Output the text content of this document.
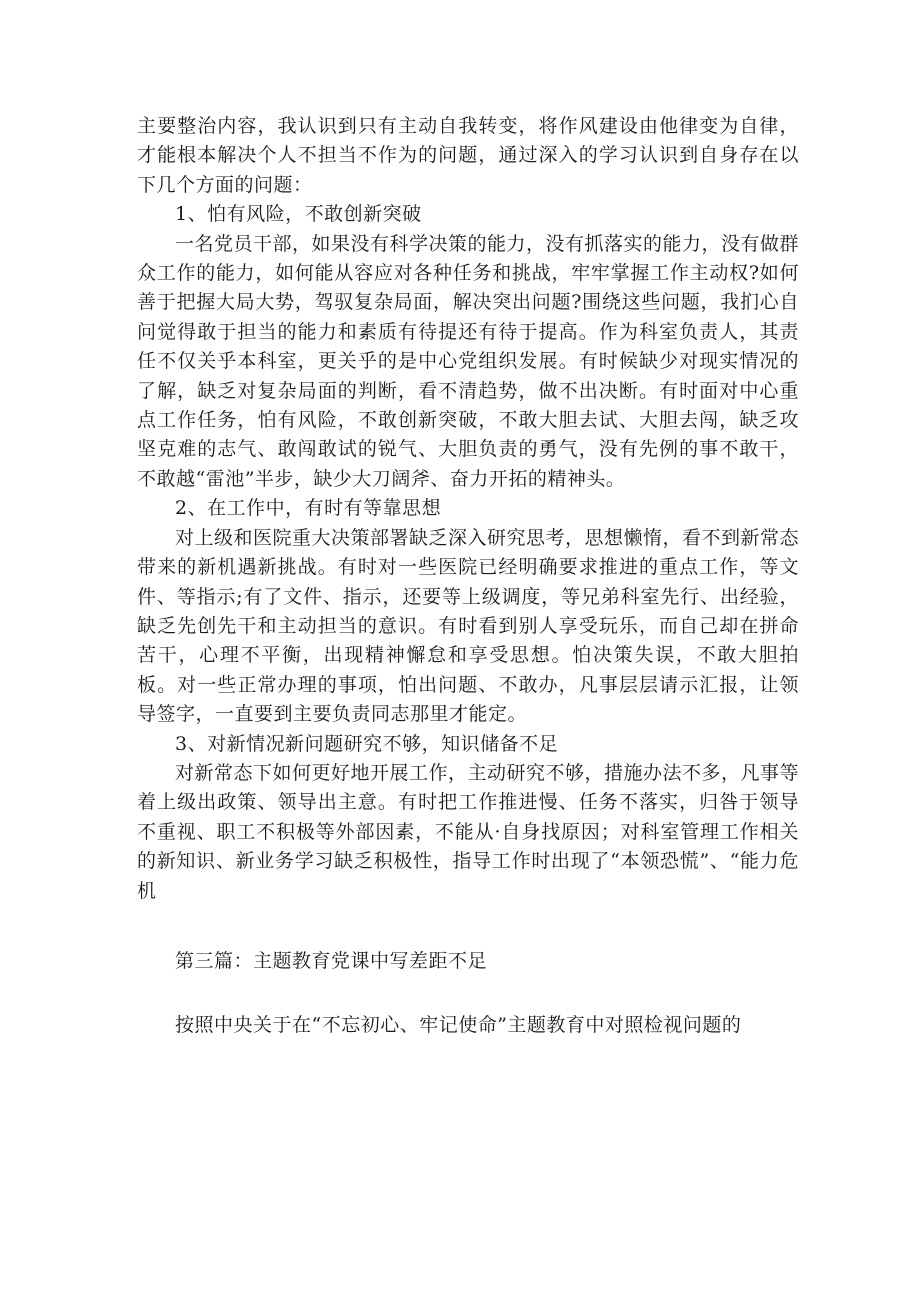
主要整治内容，我认识到只有主动自我转变，将作风建设由他律变为自律，才能根本解决个人不担当不作为的问题，通过深入的学习认识到自身存在以下几个方面的问题：

1、怕有风险，不敢创新突破

一名党员干部，如果没有科学决策的能力，没有抓落实的能力，没有做群众工作的能力，如何能从容应对各种任务和挑战，牢牢掌握工作主动权?如何善于把握大局大势，驾驭复杂局面，解决突出问题?围绕这些问题，我扪心自问觉得敢于担当的能力和素质有待提还有待于提高。作为科室负责人，其责任不仅关乎本科室，更关乎的是中心党组织发展。有时候缺少对现实情况的了解，缺乏对复杂局面的判断，看不清趋势，做不出决断。有时面对中心重点工作任务，怕有风险，不敢创新突破，不敢大胆去试、大胆去闯，缺乏攻坚克难的志气、敢闯敢试的锐气、大胆负责的勇气，没有先例的事不敢干，不敢越“雷池”半步，缺少大刀阔斧、奋力开拓的精神头。

2、在工作中，有时有等靠思想

对上级和医院重大决策部署缺乏深入研究思考，思想懒惰，看不到新常态带来的新机遇新挑战。有时对一些医院已经明确要求推进的重点工作，等文件、等指示;有了文件、指示，还要等上级调度，等兄弟科室先行、出经验，缺乏先创先干和主动担当的意识。有时看到别人享受玩乐，而自己却在拼命苦干，心理不平衡，出现精神懈怠和享受思想。怕决策失误，不敢大胆拍板。对一些正常办理的事项，怕出问题、不敢办，凡事层层请示汇报，让领导签字，一直要到主要负责同志那里才能定。

3、对新情况新问题研究不够，知识储备不足

对新常态下如何更好地开展工作，主动研究不够，措施办法不多，凡事等着上级出政策、领导出主意。有时把工作推进慢、任务不落实，归咎于领导不重视、职工不积极等外部因素，不能从·自身找原因；对科室管理工作相关的新知识、新业务学习缺乏积极性，指导工作时出现了“本领恐慌”、“能力危机

第三篇：主题教育党课中写差距不足

按照中央关于在“不忘初心、牢记使命”主题教育中对照检视问题的
